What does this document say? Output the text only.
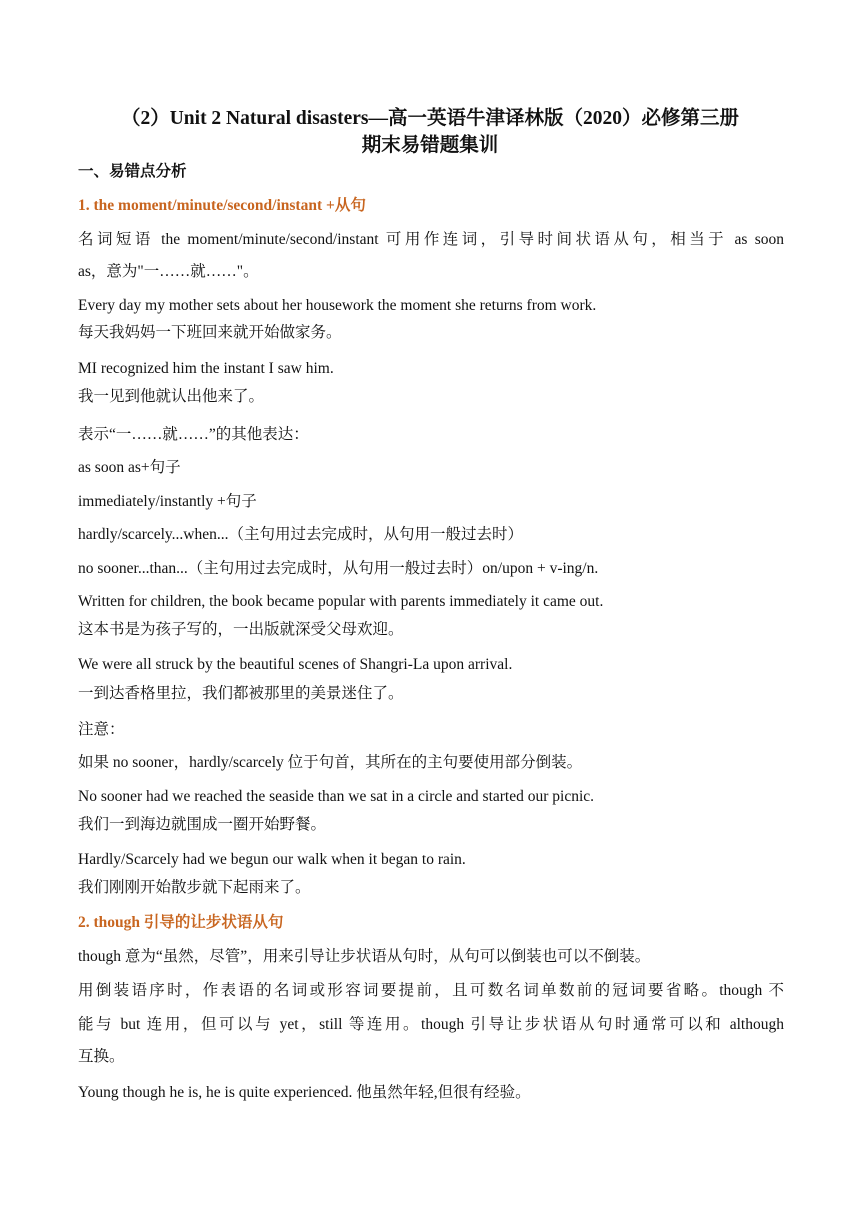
（2）Unit 2 Natural disasters—高一英语牛津译林版（2020）必修第三册
期末易错题集训
一、易错点分析
1. the moment/minute/second/instant +从句
名词短语 the moment/minute/second/instant 可用作连词，引导时间状语从句，相当于 as soon
as，意为"一……就……"。
Every day my mother sets about her housework the moment she returns from work.
每天我妈妈一下班回来就开始做家务。
MI recognized him the instant I saw him.
我一见到他就认出他来了。
表示“一……就……”的其他表达：
as soon as+句子
immediately/instantly +句子
hardly/scarcely...when...（主句用过去完成时，从句用一般过去时）
no sooner...than...（主句用过去完成时，从句用一般过去时）on/upon + v-ing/n.
Written for children, the book became popular with parents immediately it came out.
这本书是为孩子写的，一出版就深受父母欢迎。
We were all struck by the beautiful scenes of Shangri-La upon arrival.
一到达香格里拉，我们都被那里的美景迷住了。
注意：
如果 no sooner，hardly/scarcely 位于句首，其所在的主句要使用部分倒装。
No sooner had we reached the seaside than we sat in a circle and started our picnic.
我们一到海边就围成一圈开始野餐。
Hardly/Scarcely had we begun our walk when it began to rain.
我们刚刚开始散步就下起雨来了。
2. though 引导的让步状语从句
though 意为“虽然，尽管”，用来引导让步状语从句时，从句可以倒装也可以不倒装。
用倒装语序时，作表语的名词或形容词要提前，且可数名词单数前的冠词要省略。though 不
能与 but 连用，但可以与 yet，still 等连用。though 引导让步状语从句时通常可以和 although
互换。
Young though he is, he is quite experienced. 他虽然年轻,但很有经验。
